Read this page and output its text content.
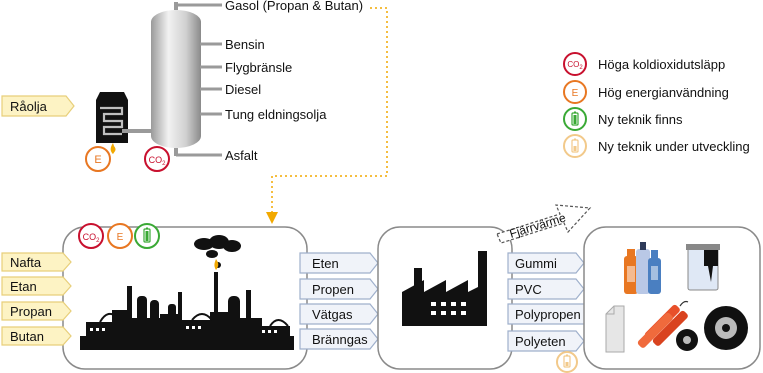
Råolja
Gasol (Propan & Butan)
Bensin
Flygbränsle
Diesel
Tung eldningsolja
Asfalt
E	$CO_2$
$CO_2$ Höga koldioxidutsläpp
E Hög energianvändning
Ny teknik finns
Ny teknik under utveckling
$CO_2$ E
Nafta
Etan
Propan
Butan
Eten
Propen
Vätgas
Bränngas
Fjärrvärme
Gummi
PVC
Polypropen
Polyeten
